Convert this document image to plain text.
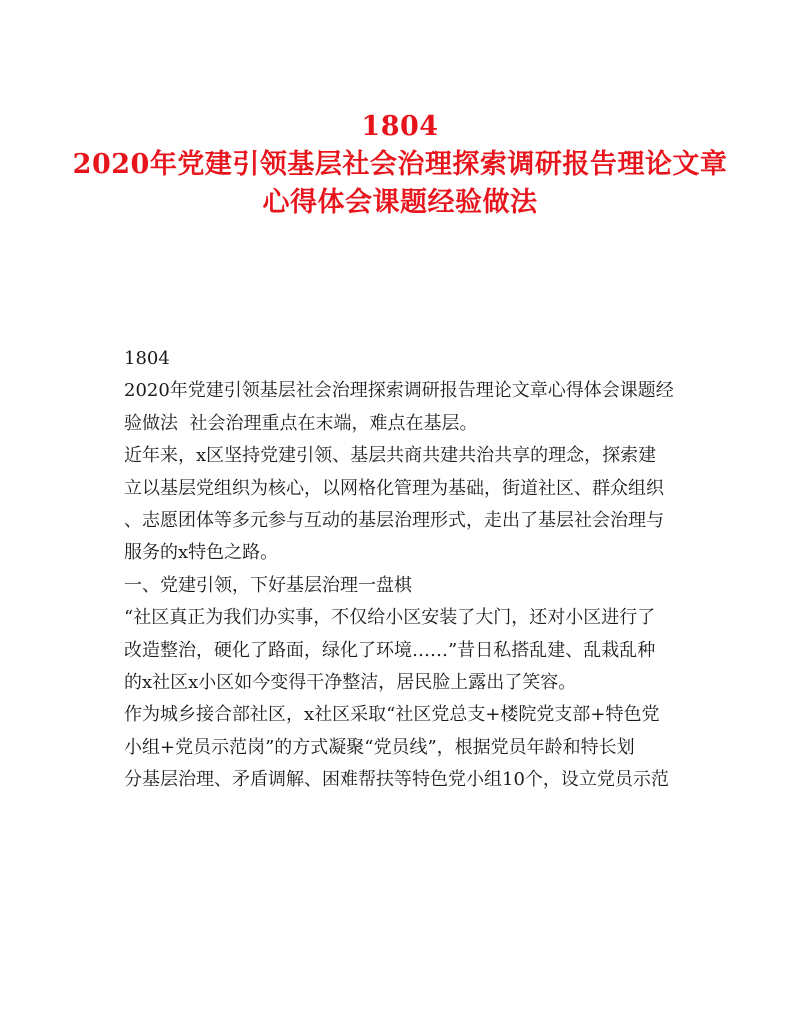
1804
2020年党建引领基层社会治理探索调研报告理论文章
心得体会课题经验做法

1804

2020年党建引领基层社会治理探索调研报告理论文章心得体会课题经
验做法  社会治理重点在末端，难点在基层。

近年来，x区坚持党建引领、基层共商共建共治共享的理念，探索建
立以基层党组织为核心，以网格化管理为基础，街道社区、群众组织
、志愿团体等多元参与互动的基层治理形式，走出了基层社会治理与
服务的x特色之路。

一、党建引领，下好基层治理一盘棋

“社区真正为我们办实事，不仅给小区安装了大门，还对小区进行了
改造整治，硬化了路面，绿化了环境……”昔日私搭乱建、乱栽乱种
的x社区x小区如今变得干净整洁，居民脸上露出了笑容。

作为城乡接合部社区，x社区采取“社区党总支+楼院党支部+特色党
小组+党员示范岗”的方式凝聚“党员线”，根据党员年龄和特长划
分基层治理、矛盾调解、困难帮扶等特色党小组10个，设立党员示范
